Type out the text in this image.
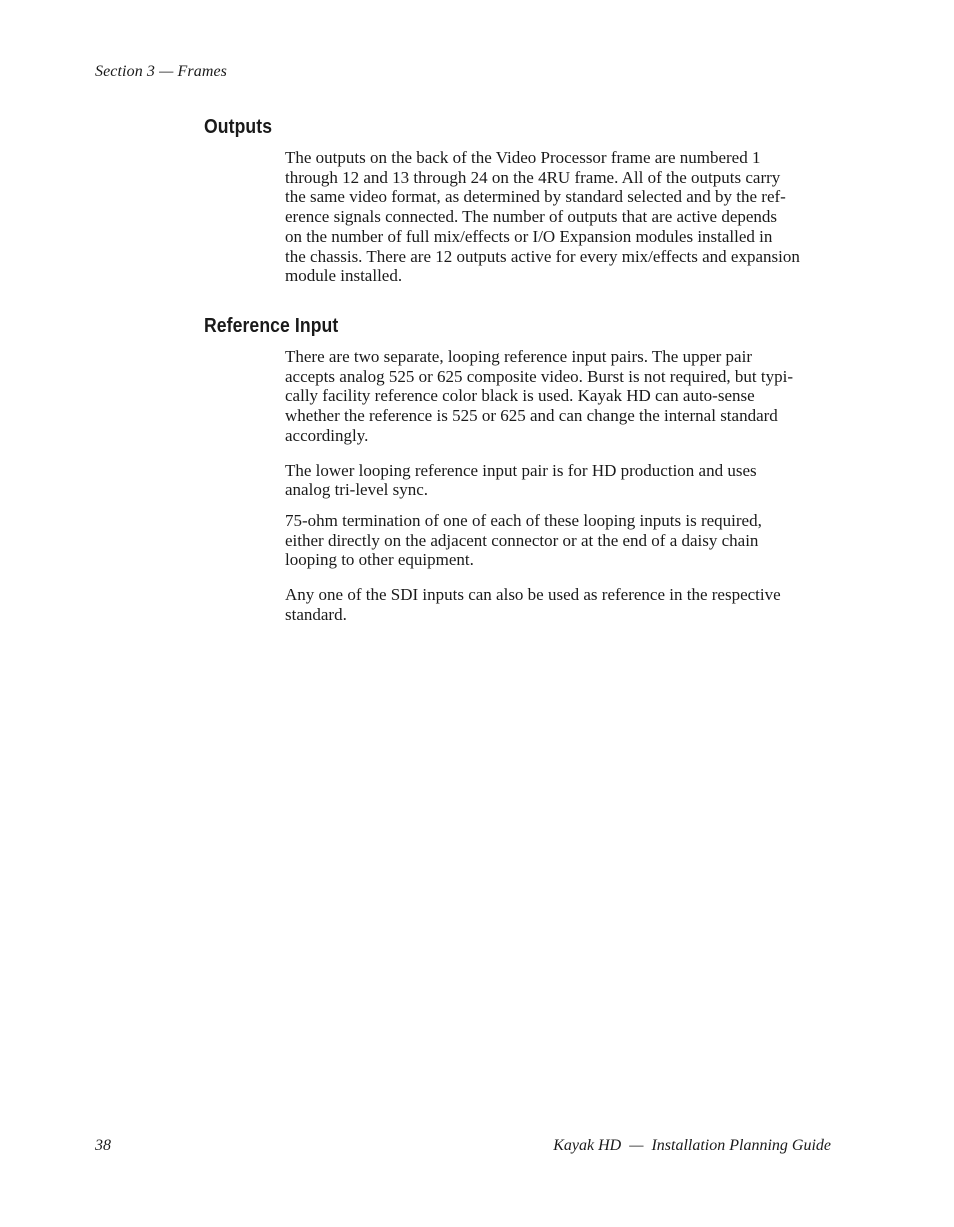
Section 3 — Frames
Outputs

The outputs on the back of the Video Processor frame are numbered 1
through 12 and 13 through 24 on the 4RU frame. All of the outputs carry
the same video format, as determined by standard selected and by the ref-
erence signals connected. The number of outputs that are active depends
on the number of full mix/effects or I/O Expansion modules installed in
the chassis. There are 12 outputs active for every mix/effects and expansion
module installed.

Reference Input

There are two separate, looping reference input pairs. The upper pair
accepts analog 525 or 625 composite video. Burst is not required, but typi-
cally facility reference color black is used. Kayak HD can auto-sense
whether the reference is 525 or 625 and can change the internal standard
accordingly.

The lower looping reference input pair is for HD production and uses
analog tri-level sync.

75-ohm termination of one of each of these looping inputs is required,
either directly on the adjacent connector or at the end of a daisy chain
looping to other equipment.

Any one of the SDI inputs can also be used as reference in the respective
standard.

38	Kayak HD  —  Installation Planning Guide
